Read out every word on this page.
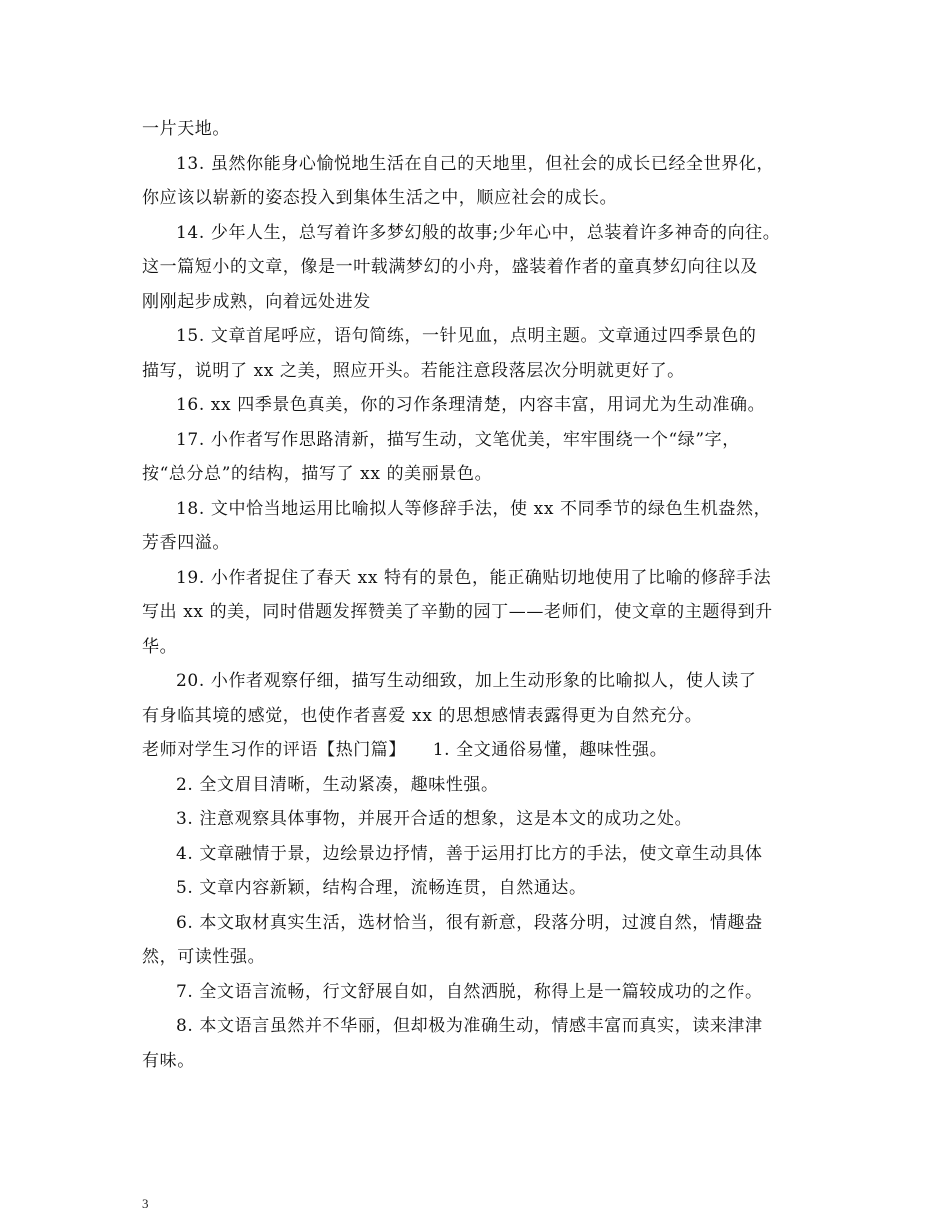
一片天地。
13. 虽然你能身心愉悦地生活在自己的天地里，但社会的成长已经全世界化，
你应该以崭新的姿态投入到集体生活之中，顺应社会的成长。
14. 少年人生，总写着许多梦幻般的故事;少年心中，总装着许多神奇的向往。
这一篇短小的文章，像是一叶载满梦幻的小舟，盛装着作者的童真梦幻向往以及
刚刚起步成熟，向着远处进发
15. 文章首尾呼应，语句简练，一针见血，点明主题。文章通过四季景色的
描写，说明了 xx 之美，照应开头。若能注意段落层次分明就更好了。
16. xx 四季景色真美，你的习作条理清楚，内容丰富，用词尤为生动准确。
17. 小作者写作思路清新，描写生动，文笔优美，牢牢围绕一个“绿”字，
按“总分总”的结构，描写了 xx 的美丽景色。
18. 文中恰当地运用比喻拟人等修辞手法，使 xx 不同季节的绿色生机盎然，
芳香四溢。
19. 小作者捉住了春天 xx 特有的景色，能正确贴切地使用了比喻的修辞手法
写出 xx 的美，同时借题发挥赞美了辛勤的园丁——老师们，使文章的主题得到升
华。
20. 小作者观察仔细，描写生动细致，加上生动形象的比喻拟人，使人读了
有身临其境的感觉，也使作者喜爱 xx 的思想感情表露得更为自然充分。
老师对学生习作的评语【热门篇】　　1. 全文通俗易懂，趣味性强。
2. 全文眉目清晰，生动紧凑，趣味性强。
3. 注意观察具体事物，并展开合适的想象，这是本文的成功之处。
4. 文章融情于景，边绘景边抒情，善于运用打比方的手法，使文章生动具体
5. 文章内容新颖，结构合理，流畅连贯，自然通达。
6. 本文取材真实生活，选材恰当，很有新意，段落分明，过渡自然，情趣盎
然，可读性强。
7. 全文语言流畅，行文舒展自如，自然洒脱，称得上是一篇较成功的之作。
8. 本文语言虽然并不华丽，但却极为准确生动，情感丰富而真实，读来津津
有味。
3
